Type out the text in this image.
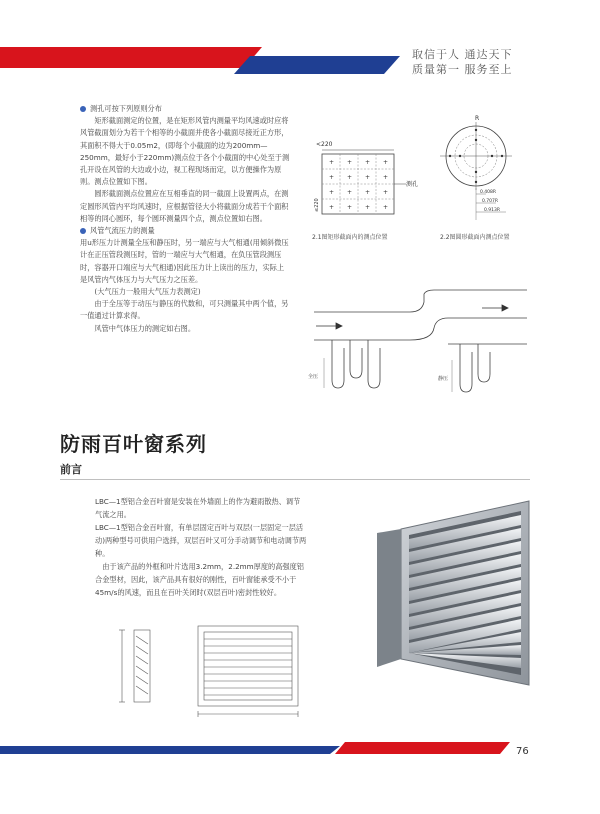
取信于人 通达天下
质量第一 服务至上

测孔可按下列原则分布

矩形截面测定的位置，是在矩形风管内测量平均风速或时应将风管截面划分为若干个相等的小截面并使各小截面尽接近正方形，其面积不得大于0.05m2，(即每个小截面的边为200mm—250mm，最好小于220mm)测点位于各个小截面的中心处至于测孔开设在风管的大边或小边，视工程现场而定，以方便操作为原则。测点位置如下图。

圆形截面测点位置应在互相垂直的同一截面上设置两点，在测定圆形风管内平均风速时，应根据管径大小将截面分成若干个面积相等的同心圆环，每个圆环测量四个点，测点位置如右图。

风管气流压力的测量

用u形压力计测量全压和静压时，另一端应与大气相通(用倾斜微压计在正压管段测压时，管的一端应与大气相通，在负压管段测压时，容器开口端应与大气相通)因此压力计上读出的压力，实际上是风管内气体压力与大气压力之压差。

(大气压力一般用大气压力表测定)

由于全压等于动压与静压的代数和，可只测量其中两个值，另一值通过计算求得。

风管中气体压力的测定如右图。

<220
+ + + +
+ + + +
+ + + +
+ + + +
测孔
≤220
2.1图矩形截面内的测点位置
R
0.408R
0.707R
0.913R
2.2图圆形截面内测点位置
全压	静压
防雨百叶窗系列
前言

LBC—1型铝合金百叶窗是安装在外墙面上的作为避雨散热、调节气流之用。

LBC—1型铝合金百叶窗，有单层固定百叶与双层(一层固定一层活动)两种型号可供用户选择，双层百叶又可分手动调节和电动调节两种。

由于该产品的外框和叶片选用3.2mm，2.2mm厚度的高强度铝合金型材，因此，该产品具有很好的刚性，百叶窗能承受不小于45m/s的风速，而且在百叶关闭时(双层百叶)密封性较好。

76
